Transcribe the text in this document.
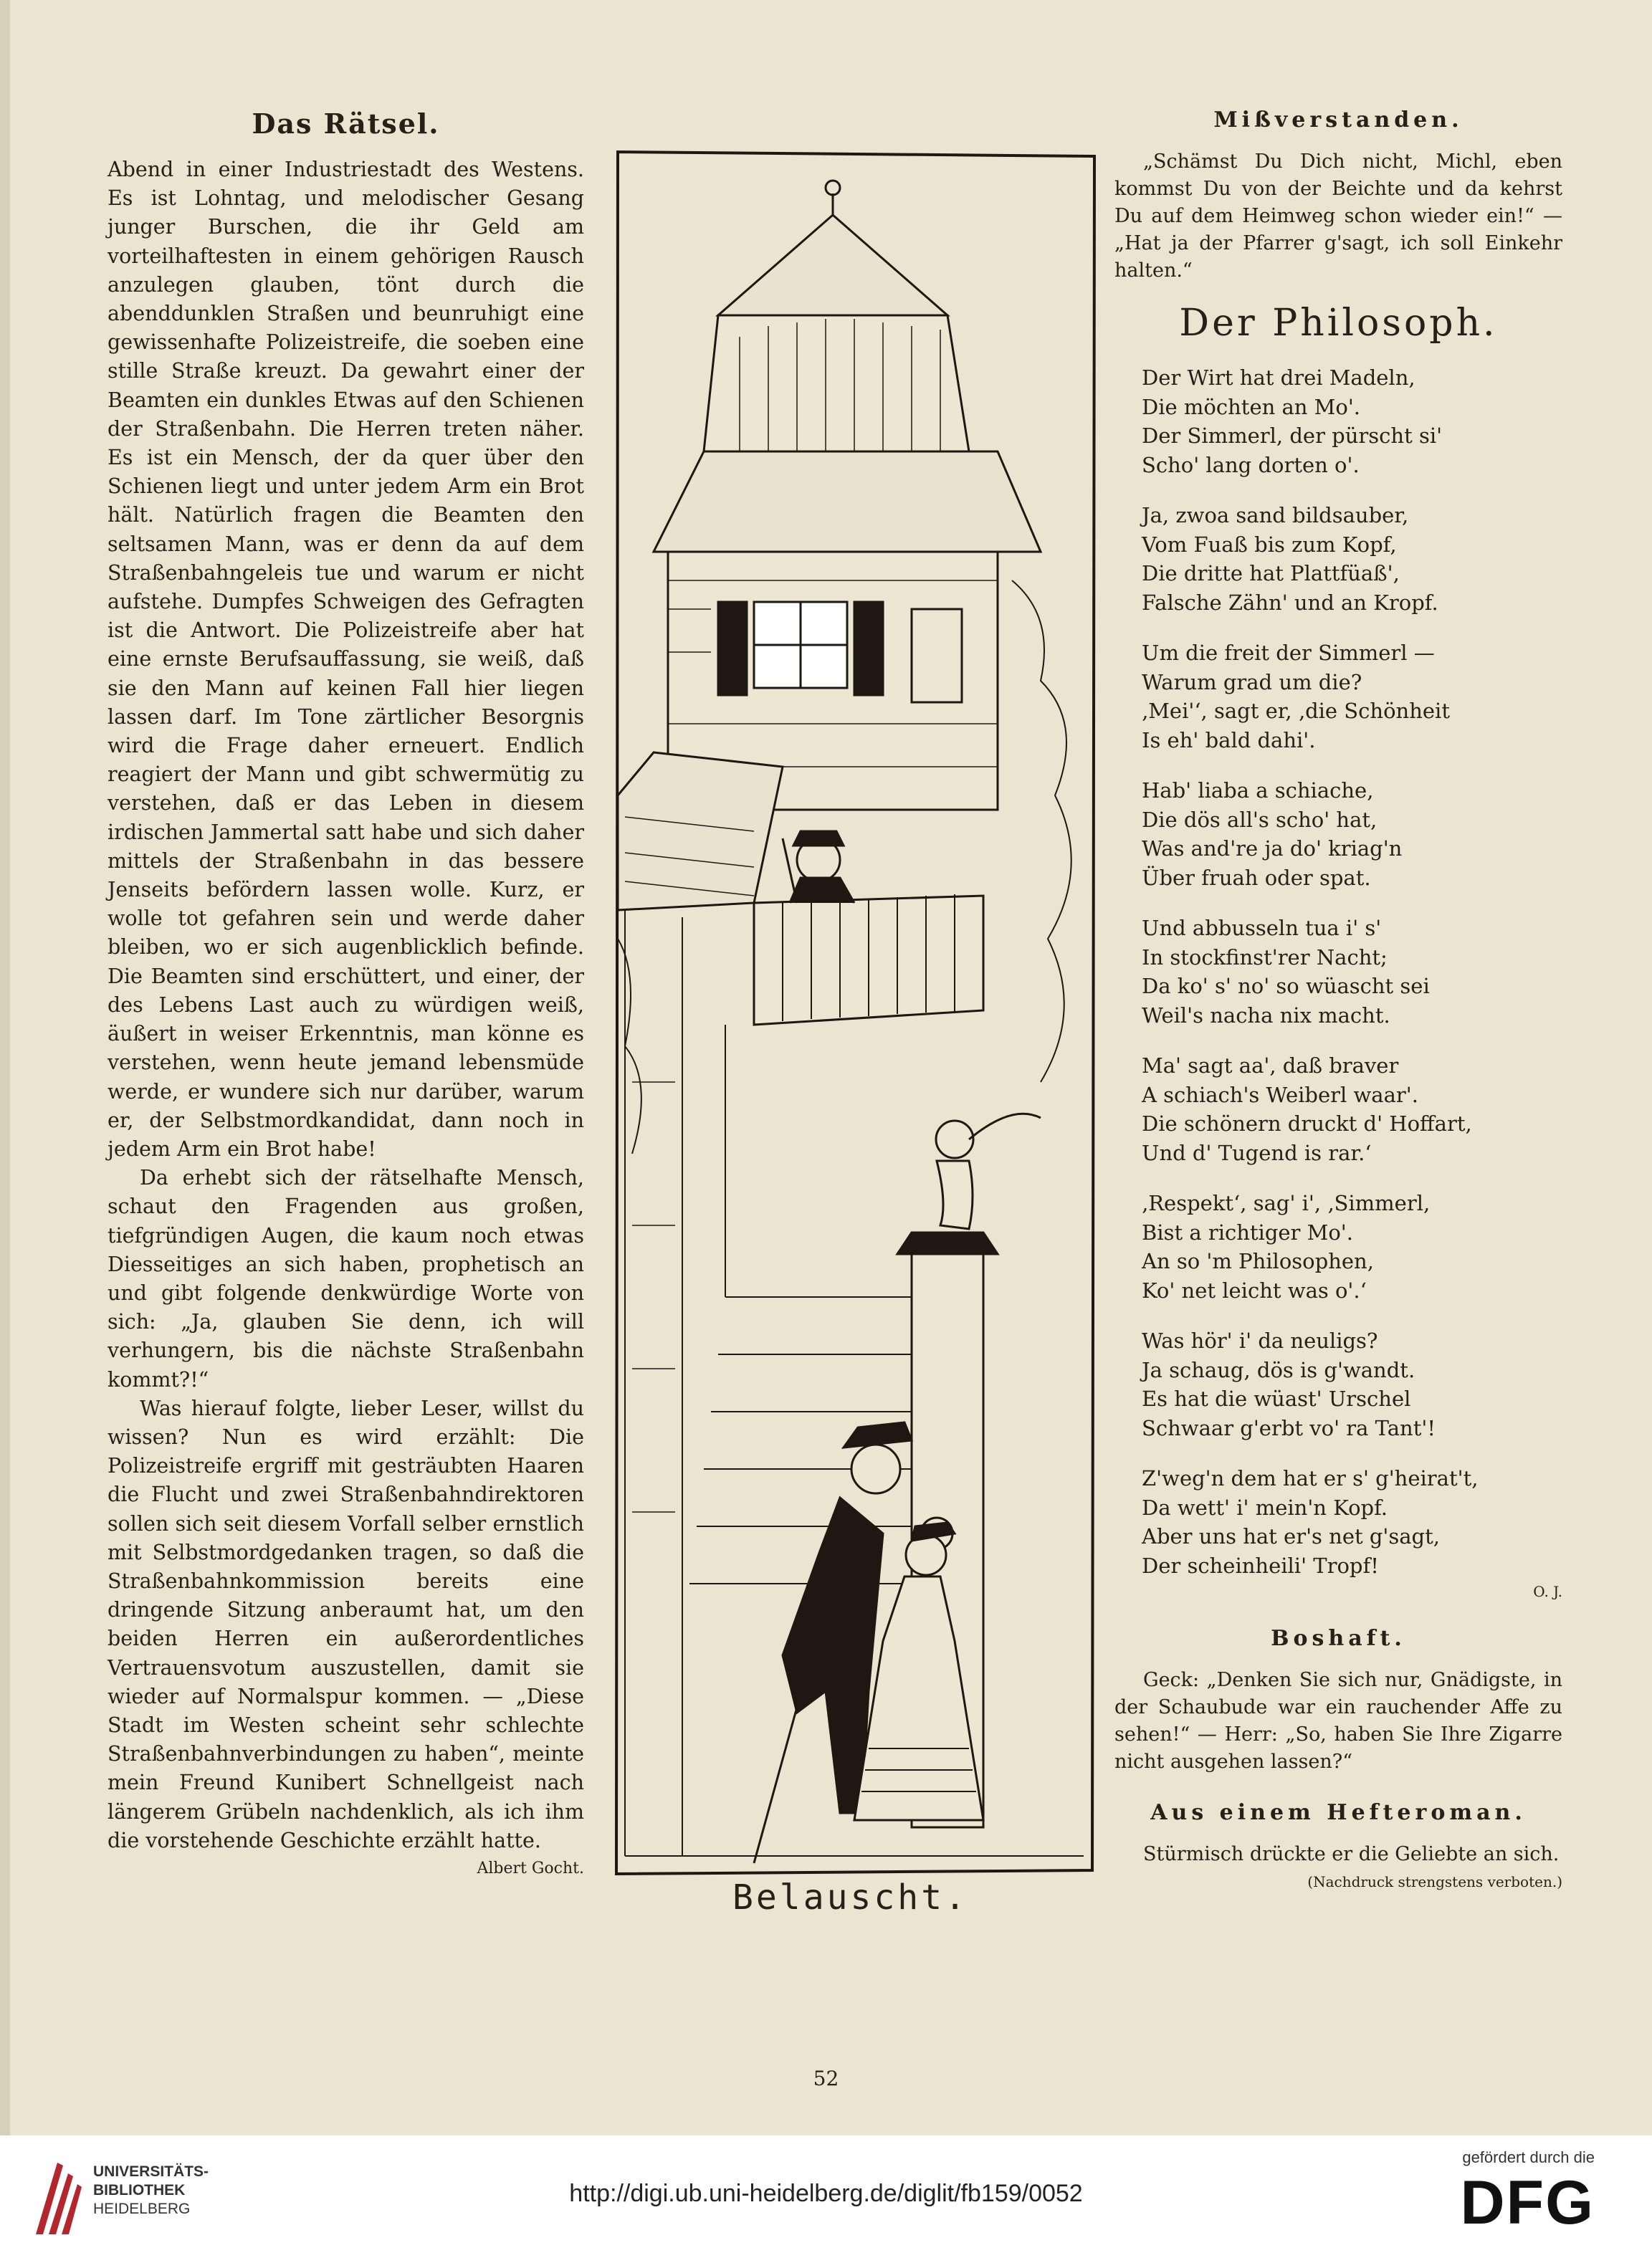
Das Rätsel.

Abend in einer Industriestadt des Westens. Es ist Lohntag, und melodischer Gesang junger Burschen, die ihr Geld am vorteilhaftesten in einem gehörigen Rausch anzulegen glauben, tönt durch die abenddunklen Straßen und beunruhigt eine gewissenhafte Polizeistreife, die soeben eine stille Straße kreuzt. Da gewahrt einer der Beamten ein dunkles Etwas auf den Schienen der Straßenbahn. Die Herren treten näher. Es ist ein Mensch, der da quer über den Schienen liegt und unter jedem Arm ein Brot hält. Natürlich fragen die Beamten den seltsamen Mann, was er denn da auf dem Straßenbahngeleis tue und warum er nicht aufstehe. Dumpfes Schweigen des Gefragten ist die Antwort. Die Polizeistreife aber hat eine ernste Berufsauffassung, sie weiß, daß sie den Mann auf keinen Fall hier liegen lassen darf. Im Tone zärtlicher Besorgnis wird die Frage daher erneuert. Endlich reagiert der Mann und gibt schwermütig zu verstehen, daß er das Leben in diesem irdischen Jammertal satt habe und sich daher mittels der Straßenbahn in das bessere Jenseits befördern lassen wolle. Kurz, er wolle tot gefahren sein und werde daher bleiben, wo er sich augenblicklich befinde. Die Beamten sind erschüttert, und einer, der des Lebens Last auch zu würdigen weiß, äußert in weiser Erkenntnis, man könne es verstehen, wenn heute jemand lebensmüde werde, er wundere sich nur darüber, warum er, der Selbstmordkandidat, dann noch in jedem Arm ein Brot habe!

Da erhebt sich der rätselhafte Mensch, schaut den Fragenden aus großen, tiefgründigen Augen, die kaum noch etwas Diesseitiges an sich haben, prophetisch an und gibt folgende denkwürdige Worte von sich: „Ja, glauben Sie denn, ich will verhungern, bis die nächste Straßenbahn kommt?!“

Was hierauf folgte, lieber Leser, willst du wissen? Nun es wird erzählt: Die Polizeistreife ergriff mit gesträubten Haaren die Flucht und zwei Straßenbahndirektoren sollen sich seit diesem Vorfall selber ernstlich mit Selbstmordgedanken tragen, so daß die Straßenbahnkommission bereits eine dringende Sitzung anberaumt hat, um den beiden Herren ein außerordentliches Vertrauensvotum auszustellen, damit sie wieder auf Normalspur kommen. — „Diese Stadt im Westen scheint sehr schlechte Straßenbahnverbindungen zu haben“, meinte mein Freund Kunibert Schnellgeist nach längerem Grübeln nachdenklich, als ich ihm die vorstehende Geschichte erzählt hatte.

Albert Gocht.
Belauscht.
Mißverstanden.

„Schämst Du Dich nicht, Michl, eben kommst Du von der Beichte und da kehrst Du auf dem Heimweg schon wieder ein!“ — „Hat ja der Pfarrer g'sagt, ich soll Einkehr halten.“

Der Philosoph.
Der Wirt hat drei Madeln,
Die möchten an Mo'.
Der Simmerl, der pürscht si'
Scho' lang dorten o'.
Ja, zwoa sand bildsauber,
Vom Fuaß bis zum Kopf,
Die dritte hat Plattfüaß',
Falsche Zähn' und an Kropf.
Um die freit der Simmerl —
Warum grad um die?
‚Mei'‘, sagt er, ‚die Schönheit
Is eh' bald dahi'.
Hab' liaba a schiache,
Die dös all's scho' hat,
Was and're ja do' kriag'n
Über fruah oder spat.
Und abbusseln tua i' s'
In stockfinst'rer Nacht;
Da ko' s' no' so wüascht sei
Weil's nacha nix macht.
Ma' sagt aa', daß braver
A schiach's Weiberl waar'.
Die schönern druckt d' Hoffart,
Und d' Tugend is rar.‘
‚Respekt‘, sag' i', ‚Simmerl,
Bist a richtiger Mo'.
An so 'm Philosophen,
Ko' net leicht was o'.‘
Was hör' i' da neuligs?
Ja schaug, dös is g'wandt.
Es hat die wüast' Urschel
Schwaar g'erbt vo' ra Tant'!
Z'weg'n dem hat er s' g'heirat't,
Da wett' i' mein'n Kopf.
Aber uns hat er's net g'sagt,
Der scheinheili' Tropf!
O. J.
Boshaft.

Geck: „Denken Sie sich nur, Gnädigste, in der Schaubude war ein rauchender Affe zu sehen!“ — Herr: „So, haben Sie Ihre Zigarre nicht ausgehen lassen?“

Aus einem Hefteroman.

Stürmisch drückte er die Geliebte an sich.
(Nachdruck strengstens verboten.)

52
UNIVERSITÄTS-
BIBLIOTHEK
HEIDELBERG
http://digi.ub.uni-heidelberg.de/diglit/fb159/0052
gefördert durch die
DFG
